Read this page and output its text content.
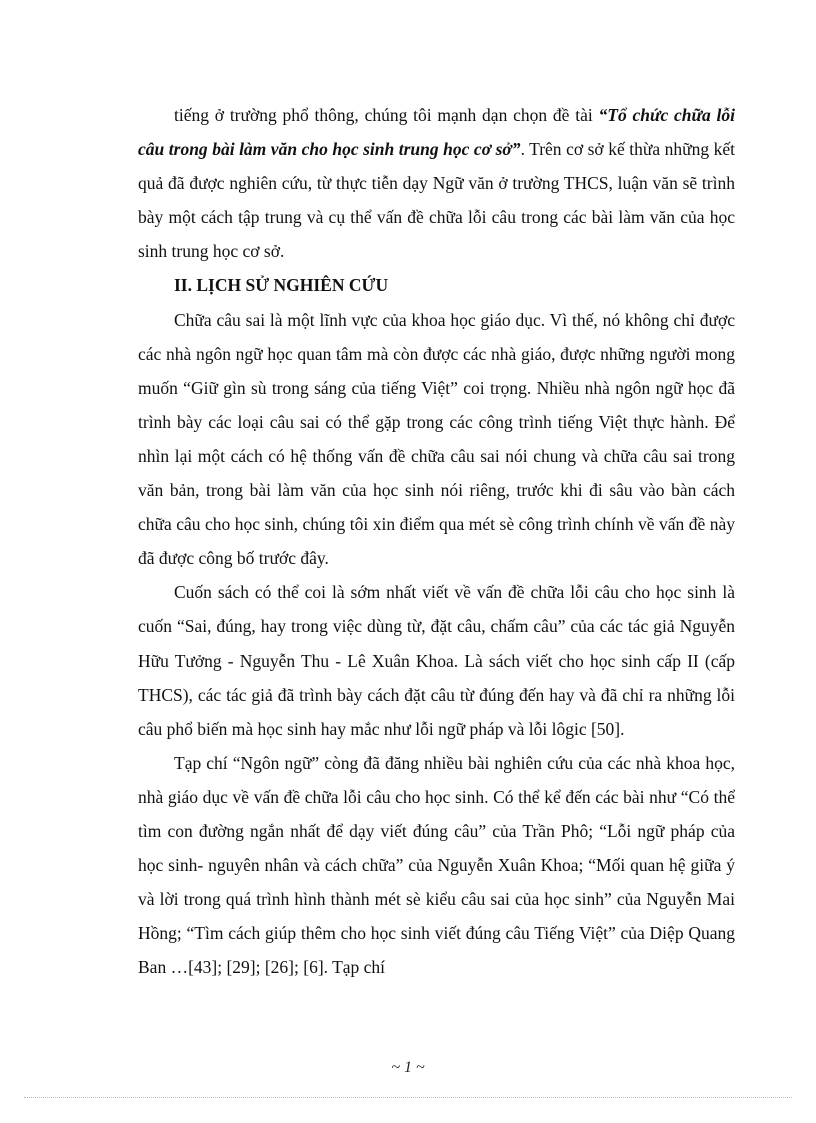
tiếng ở trường phổ thông, chúng tôi mạnh dạn chọn đề tài “Tổ chức chữa lỗi câu trong bài làm văn cho học sinh trung học cơ sở”. Trên cơ sở kế thừa những kết quả đã được nghiên cứu, từ thực tiễn dạy Ngữ văn ở trường THCS, luận văn sẽ trình bày một cách tập trung và cụ thể vấn đề chữa lỗi câu trong các bài làm văn của học sinh trung học cơ sở.

II. LỊCH SỬ NGHIÊN CỨU

Chữa câu sai là một lĩnh vực của khoa học giáo dục. Vì thế, nó không chỉ được các nhà ngôn ngữ học quan tâm mà còn được các nhà giáo, được những người mong muốn “Giữ gìn sù trong sáng của tiếng Việt” coi trọng. Nhiều nhà ngôn ngữ học đã trình bày các loại câu sai có thể gặp trong các công trình tiếng Việt thực hành. Để nhìn lại một cách có hệ thống vấn đề chữa câu sai nói chung và chữa câu sai trong văn bản, trong bài làm văn của học sinh nói riêng, trước khi đi sâu vào bàn cách chữa câu cho học sinh, chúng tôi xin điểm qua mét sè công trình chính về vấn đề này đã được công bố trước đây.

Cuốn sách có thể coi là sớm nhất viết về vấn đề chữa lỗi câu cho học sinh là cuốn “Sai, đúng, hay trong việc dùng từ, đặt câu, chấm câu” của các tác giả Nguyễn Hữu Tưởng - Nguyễn Thu - Lê Xuân Khoa. Là sách viết cho học sinh cấp II (cấp THCS), các tác giả đã trình bày cách đặt câu từ đúng đến hay và đã chỉ ra những lỗi câu phổ biến mà học sinh hay mắc như lỗi ngữ pháp và lỗi lôgic [50].

Tạp chí “Ngôn ngữ” còng đã đăng nhiều bài nghiên cứu của các nhà khoa học, nhà giáo dục về vấn đề chữa lỗi câu cho học sinh. Có thể kể đến các bài như “Có thể tìm con đường ngắn nhất để dạy viết đúng câu” của Trần Phô; “Lỗi ngữ pháp của học sinh- nguyên nhân và cách chữa” của Nguyễn Xuân Khoa; “Mối quan hệ giữa ý và lời trong quá trình hình thành mét sè kiểu câu sai của học sinh” của Nguyễn Mai Hồng; “Tìm cách giúp thêm cho học sinh viết đúng câu Tiếng Việt” của Diệp Quang Ban …[43]; [29]; [26]; [6]. Tạp chí

~ 1 ~
